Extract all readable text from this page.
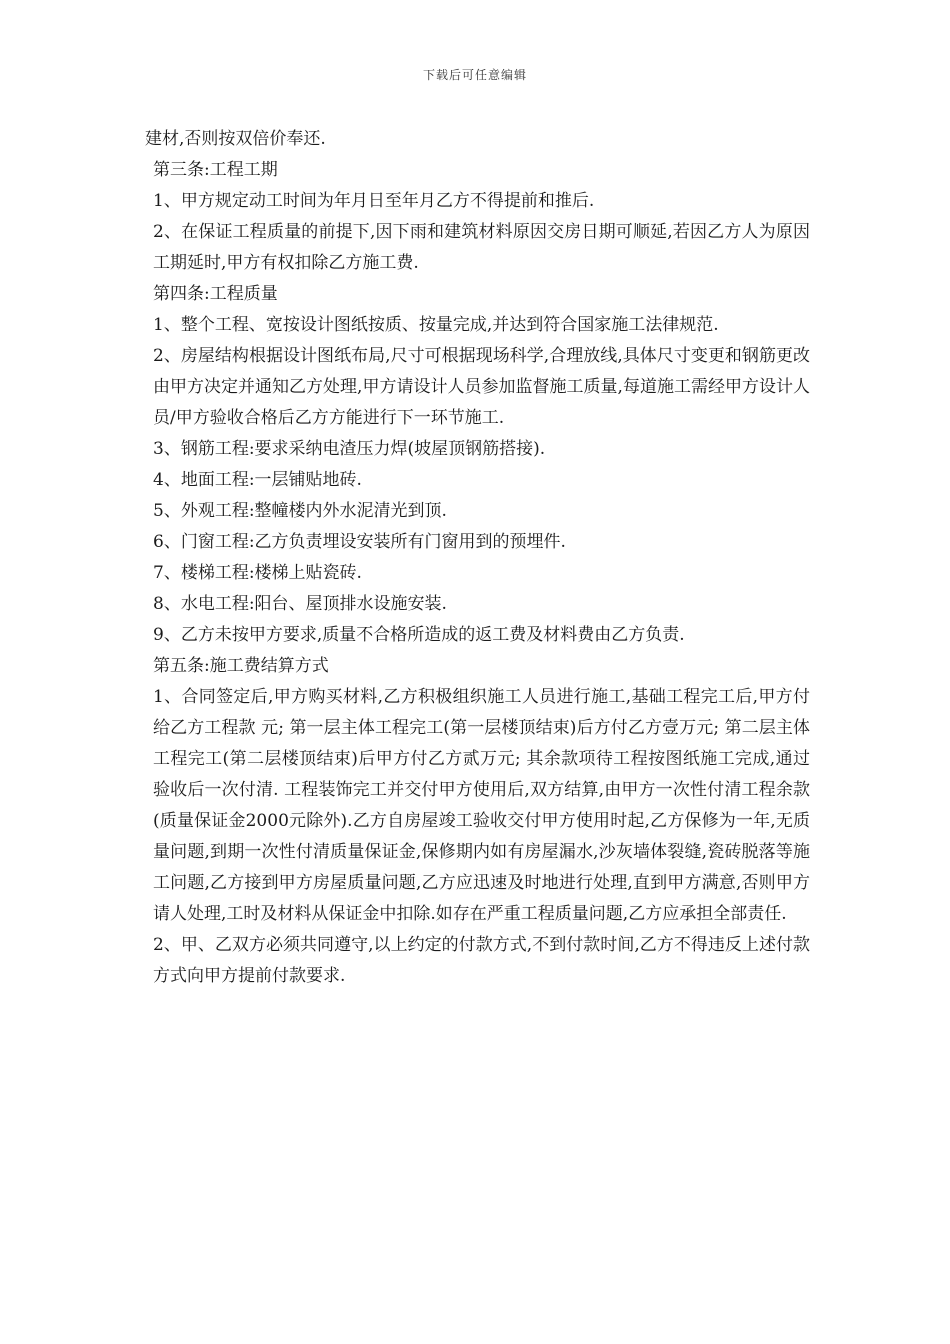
下载后可任意编辑

建材,否则按双倍价奉还.

第三条:工程工期

1、甲方规定动工时间为年月日至年月乙方不得提前和推后.

2、在保证工程质量的前提下,因下雨和建筑材料原因交房日期可顺延,若因乙方人为原因工期延时,甲方有权扣除乙方施工费.

第四条:工程质量

1、整个工程、宽按设计图纸按质、按量完成,并达到符合国家施工法律规范.

2、房屋结构根据设计图纸布局,尺寸可根据现场科学,合理放线,具体尺寸变更和钢筋更改由甲方决定并通知乙方处理,甲方请设计人员参加监督施工质量,每道施工需经甲方设计人员/甲方验收合格后乙方方能进行下一环节施工.

3、钢筋工程:要求采纳电渣压力焊(坡屋顶钢筋搭接).

4、地面工程:一层铺贴地砖.

5、外观工程:整幢楼内外水泥清光到顶.

6、门窗工程:乙方负责埋设安装所有门窗用到的预埋件.

7、楼梯工程:楼梯上贴瓷砖.

8、水电工程:阳台、屋顶排水设施安装.

9、乙方未按甲方要求,质量不合格所造成的返工费及材料费由乙方负责.

第五条:施工费结算方式

1、合同签定后,甲方购买材料,乙方积极组织施工人员进行施工,基础工程完工后,甲方付给乙方工程款 元; 第一层主体工程完工(第一层楼顶结束)后方付乙方壹万元; 第二层主体工程完工(第二层楼顶结束)后甲方付乙方贰万元; 其余款项待工程按图纸施工完成,通过验收后一次付清. 工程装饰完工并交付甲方使用后,双方结算,由甲方一次性付清工程余款(质量保证金2000元除外).乙方自房屋竣工验收交付甲方使用时起,乙方保修为一年,无质量问题,到期一次性付清质量保证金,保修期内如有房屋漏水,沙灰墙体裂缝,瓷砖脱落等施工问题,乙方接到甲方房屋质量问题,乙方应迅速及时地进行处理,直到甲方满意,否则甲方请人处理,工时及材料从保证金中扣除.如存在严重工程质量问题,乙方应承担全部责任.

2、甲、乙双方必须共同遵守,以上约定的付款方式,不到付款时间,乙方不得违反上述付款方式向甲方提前付款要求.
